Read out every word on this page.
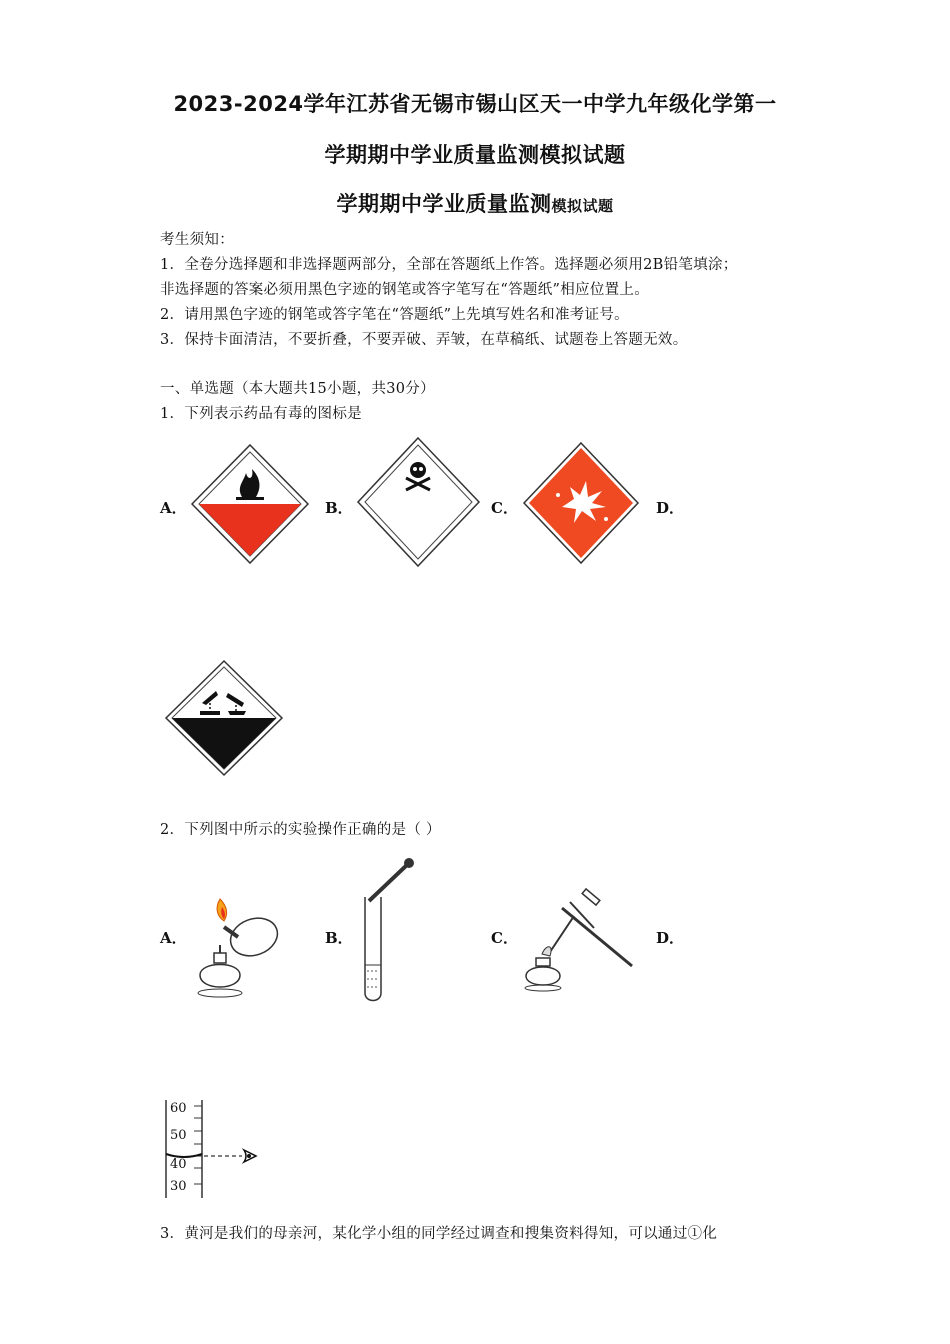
2023-2024学年江苏省无锡市锡山区天一中学九年级化学第一
学期期中学业质量监测模拟试题
学期期中学业质量监测模拟试题
考生须知：
1．全卷分选择题和非选择题两部分，全部在答题纸上作答。选择题必须用2B铅笔填涂；
非选择题的答案必须用黑色字迹的钢笔或答字笔写在“答题纸”相应位置上。
2．请用黑色字迹的钢笔或答字笔在“答题纸”上先填写姓名和准考证号。
3．保持卡面清洁，不要折叠，不要弄破、弄皱，在草稿纸、试题卷上答题无效。
一、单选题（本大题共15小题，共30分）
1．下列表示药品有毒的图标是
A．	B．	C．	D．
2．下列图中所示的实验操作正确的是（ ）
A．	B．	C．	D．
60
50
40
30
3．黄河是我们的母亲河，某化学小组的同学经过调查和搜集资料得知，可以通过①化
